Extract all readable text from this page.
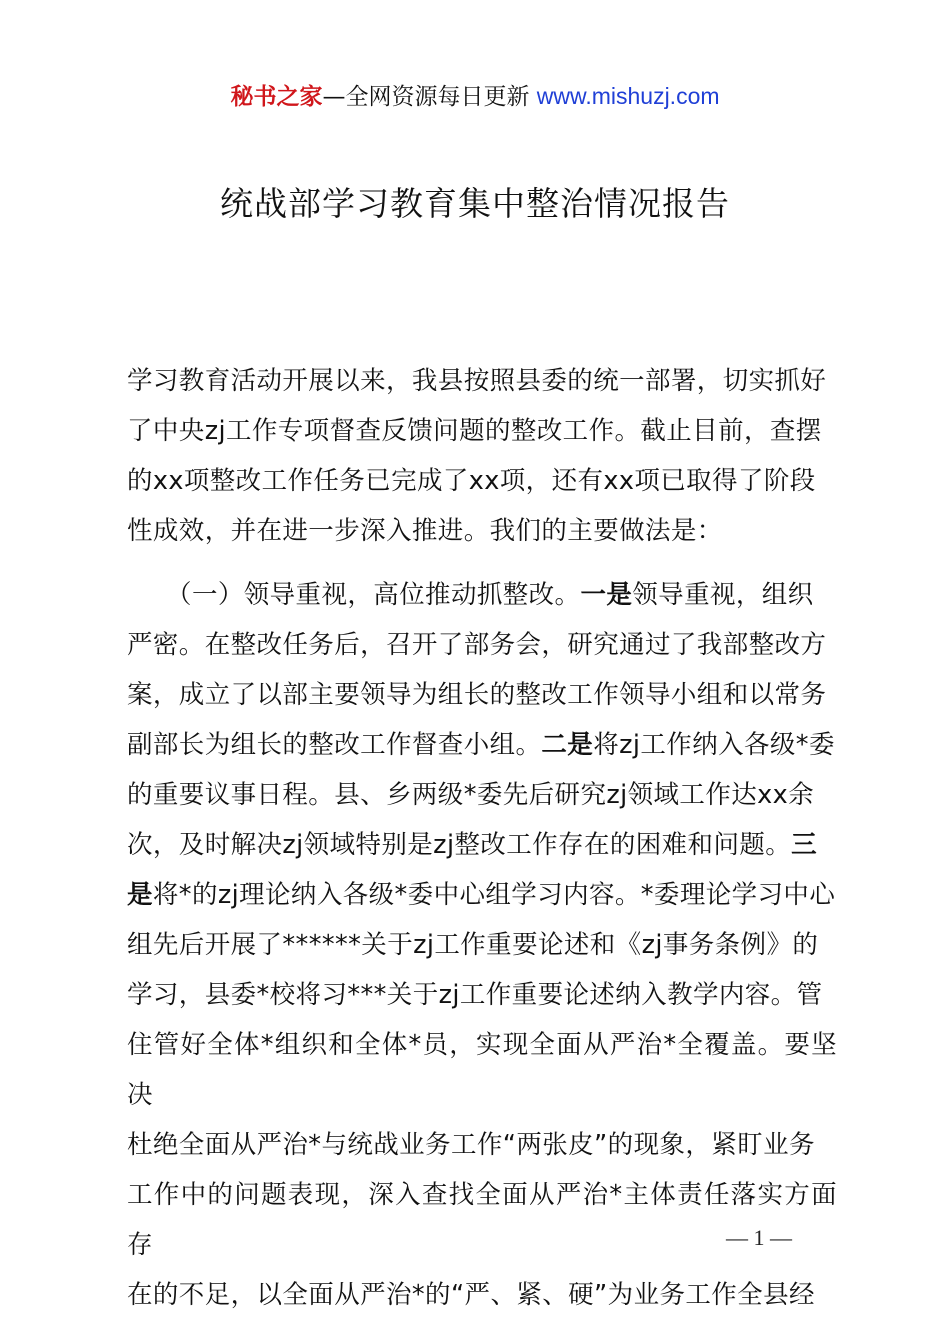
秘书之家—全网资源每日更新 www.mishuzj.com
统战部学习教育集中整治情况报告

学习教育活动开展以来，我县按照县委的统一部署，切实抓好
了中央zj工作专项督查反馈问题的整改工作。截止目前，查摆
的xx项整改工作任务已完成了xx项，还有xx项已取得了阶段
性成效，并在进一步深入推进。我们的主要做法是：

　　（一）领导重视，高位推动抓整改。一是领导重视，组织
严密。在整改任务后，召开了部务会，研究通过了我部整改方
案，成立了以部主要领导为组长的整改工作领导小组和以常务
副部长为组长的整改工作督查小组。二是将zj工作纳入各级*委
的重要议事日程。县、乡两级*委先后研究zj领域工作达xx余
次，及时解决zj领域特别是zj整改工作存在的困难和问题。三
是将*的zj理论纳入各级*委中心组学习内容。*委理论学习中心
组先后开展了******关于zj工作重要论述和《zj事务条例》的
学习，县委*校将习***关于zj工作重要论述纳入教学内容。管
住管好全体*组织和全体*员，实现全面从严治*全覆盖。要坚决
杜绝全面从严治*与统战业务工作“两张皮”的现象，紧盯业务
工作中的问题表现，深入查找全面从严治*主体责任落实方面存
在的不足，以全面从严治*的“严、紧、硬”为业务工作全县经

— 1 —
